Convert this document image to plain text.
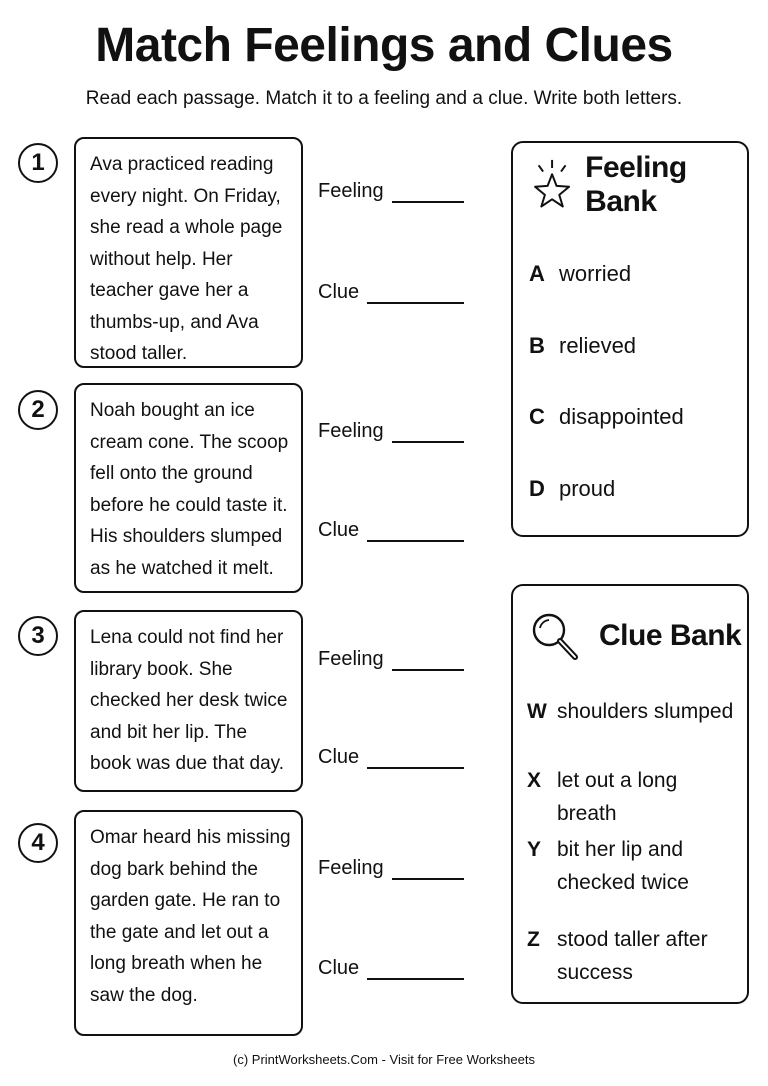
Match Feelings and Clues
Read each passage. Match it to a feeling and a clue. Write both letters.
1	Ava practiced reading every night. On Friday, she read a whole page without help. Her teacher gave her a thumbs-up, and Ava stood taller.
Feeling
Clue
2	Noah bought an ice cream cone. The scoop fell onto the ground before he could taste it. His shoulders slumped as he watched it melt.
Feeling
Clue
3	Lena could not find her library book. She checked her desk twice and bit her lip. The book was due that day.
Feeling
Clue
4	Omar heard his missing dog bark behind the garden gate. He ran to the gate and let out a long breath when he saw the dog.
Feeling
Clue
Feeling Bank
A worried
B relieved
C disappointed
D proud
Clue Bank
W shoulders slumped
X let out a long breath
Y bit her lip and checked twice
Z stood taller after success
(c) PrintWorksheets.Com - Visit for Free Worksheets
